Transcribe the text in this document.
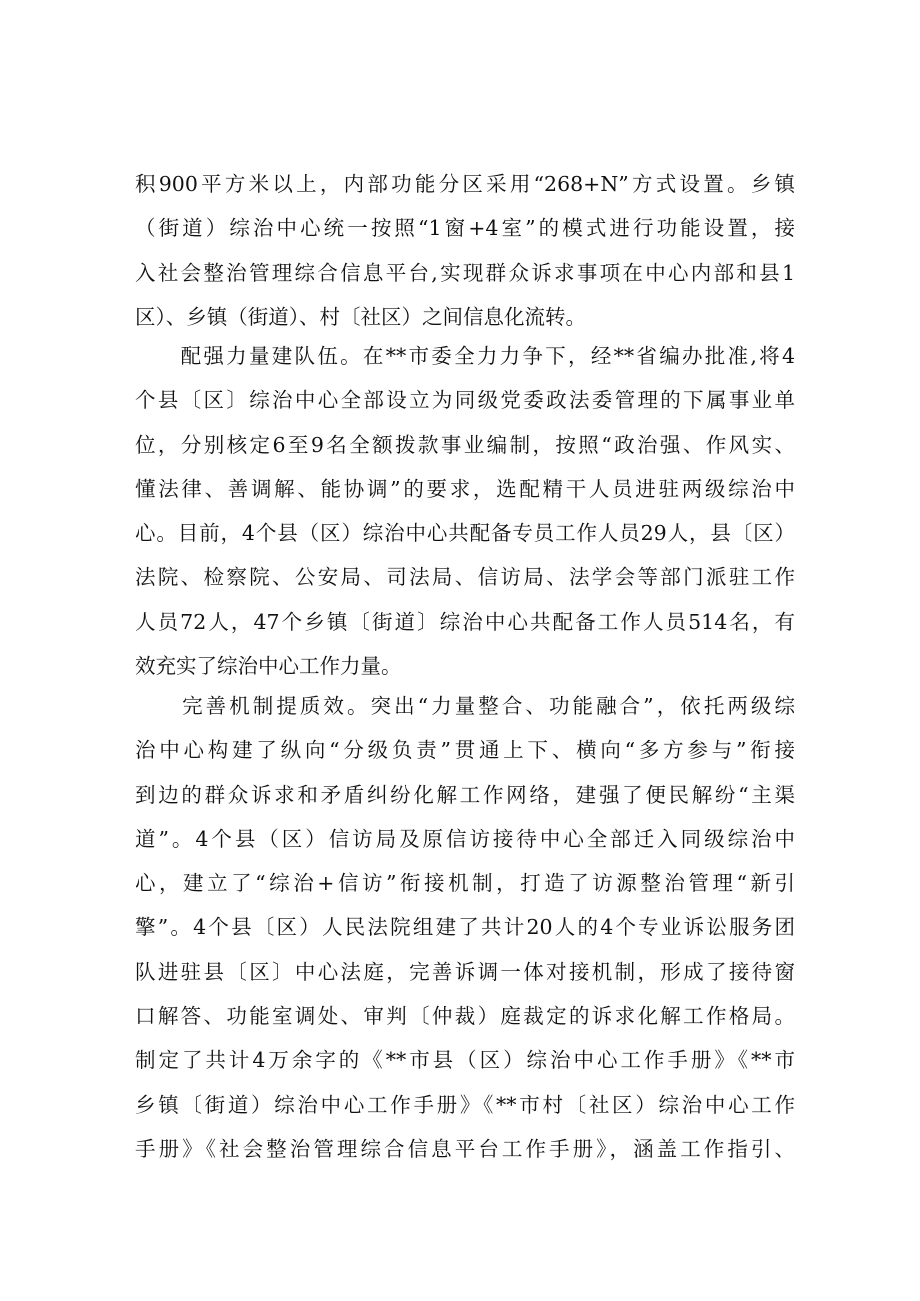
积900平方米以上，内部功能分区采用“268+N”方式设置。乡镇
（街道）综治中心统一按照“1窗+4室”的模式进行功能设置，接
入社会整治管理综合信息平台,实现群众诉求事项在中心内部和县1
区）、乡镇（街道）、村〔社区）之间信息化流转。
　　配强力量建队伍。在**市委全力力争下，经**省编办批准,将4
个县〔区〕综治中心全部设立为同级党委政法委管理的下属事业单
位，分别核定6至9名全额拨款事业编制，按照“政治强、作风实、
懂法律、善调解、能协调”的要求，选配精干人员进驻两级综治中
心。目前，4个县（区）综治中心共配备专员工作人员29人，县〔区）
法院、检察院、公安局、司法局、信访局、法学会等部门派驻工作
人员72人，47个乡镇〔街道〕综治中心共配备工作人员514名，有
效充实了综治中心工作力量。
　　完善机制提质效。突出“力量整合、功能融合”，依托两级综
治中心构建了纵向“分级负责”贯通上下、横向“多方参与”衔接
到边的群众诉求和矛盾纠纷化解工作网络，建强了便民解纷“主渠
道”。4个县（区）信访局及原信访接待中心全部迁入同级综治中
心，建立了“综治+信访”衔接机制，打造了访源整治管理“新引
擎”。4个县〔区）人民法院组建了共计20人的4个专业诉讼服务团
队进驻县〔区〕中心法庭，完善诉调一体对接机制，形成了接待窗
口解答、功能室调处、审判〔仲裁）庭裁定的诉求化解工作格局。
制定了共计4万余字的《**市县（区）综治中心工作手册》《**市
乡镇〔街道）综治中心工作手册》《**市村〔社区）综治中心工作
手册》《社会整治管理综合信息平台工作手册》，涵盖工作指引、
